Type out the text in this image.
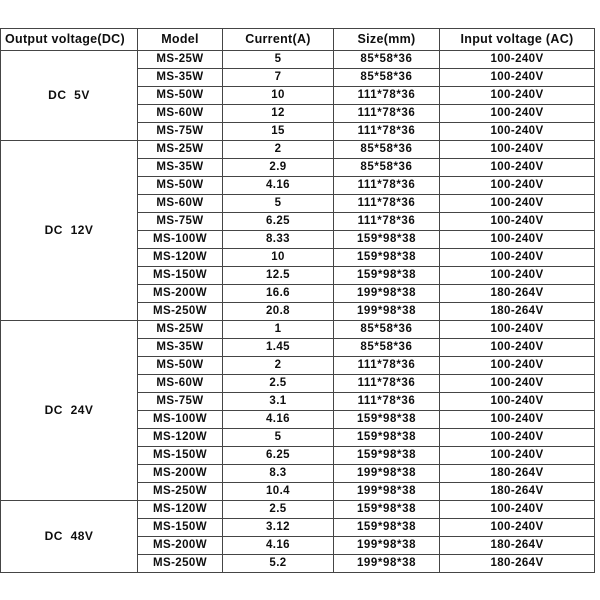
Output voltage(DC)	Model	Current(A)	Size(mm)	Input voltage (AC)
DC  5V	MS-25W	5	85*58*36	100-240V
	MS-35W	7	85*58*36	100-240V
	MS-50W	10	111*78*36	100-240V
	MS-60W	12	111*78*36	100-240V
	MS-75W	15	111*78*36	100-240V
DC  12V	MS-25W	2	85*58*36	100-240V
	MS-35W	2.9	85*58*36	100-240V
	MS-50W	4.16	111*78*36	100-240V
	MS-60W	5	111*78*36	100-240V
	MS-75W	6.25	111*78*36	100-240V
	MS-100W	8.33	159*98*38	100-240V
	MS-120W	10	159*98*38	100-240V
	MS-150W	12.5	159*98*38	100-240V
	MS-200W	16.6	199*98*38	180-264V
	MS-250W	20.8	199*98*38	180-264V
DC  24V	MS-25W	1	85*58*36	100-240V
	MS-35W	1.45	85*58*36	100-240V
	MS-50W	2	111*78*36	100-240V
	MS-60W	2.5	111*78*36	100-240V
	MS-75W	3.1	111*78*36	100-240V
	MS-100W	4.16	159*98*38	100-240V
	MS-120W	5	159*98*38	100-240V
	MS-150W	6.25	159*98*38	100-240V
	MS-200W	8.3	199*98*38	180-264V
	MS-250W	10.4	199*98*38	180-264V
DC  48V	MS-120W	2.5	159*98*38	100-240V
	MS-150W	3.12	159*98*38	100-240V
	MS-200W	4.16	199*98*38	180-264V
	MS-250W	5.2	199*98*38	180-264V
